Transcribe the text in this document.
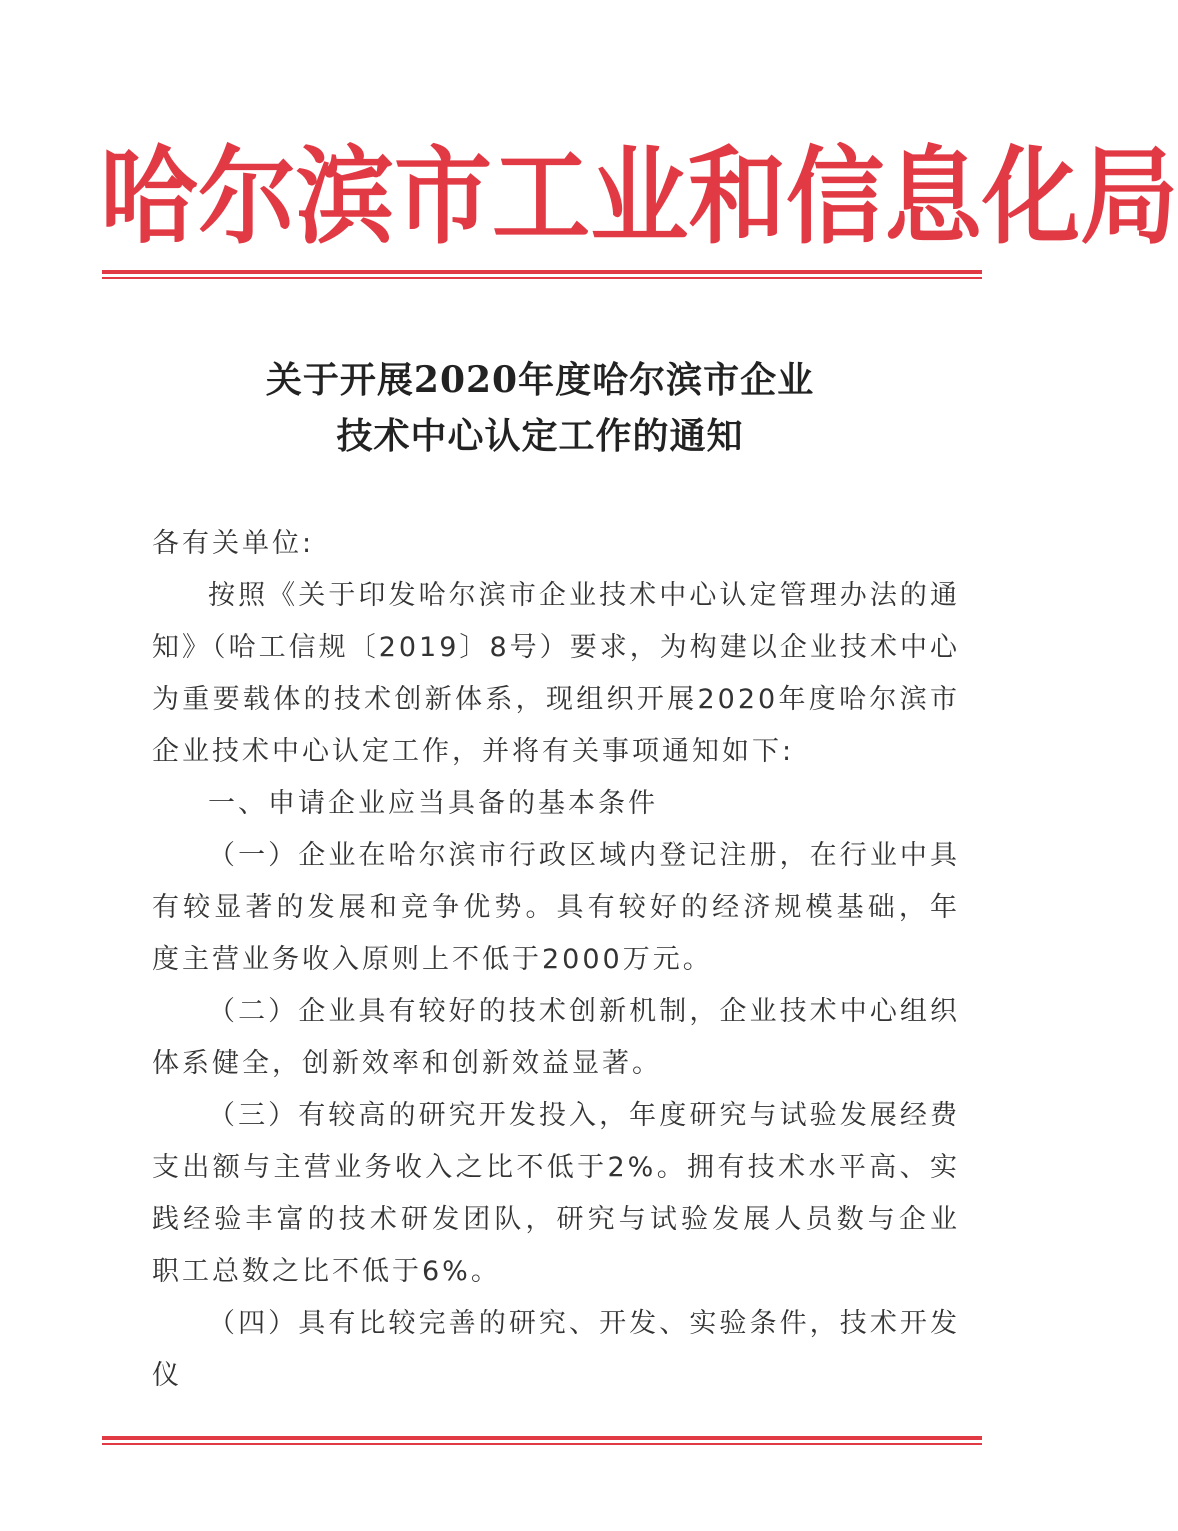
哈 尔 滨 市 工 业 和 信 息 化 局
关于开展2020年度哈尔滨市企业
技术中心认定工作的通知
各有关单位:

按照《关于印发哈尔滨市企业技术中心认定管理办法的通知》（哈工信规〔2019〕8号）要求，为构建以企业技术中心为重要载体的技术创新体系，现组织开展2020年度哈尔滨市企业技术中心认定工作，并将有关事项通知如下:

一、申请企业应当具备的基本条件

（一）企业在哈尔滨市行政区域内登记注册，在行业中具有较显著的发展和竞争优势。具有较好的经济规模基础，年度主营业务收入原则上不低于2000万元。

（二）企业具有较好的技术创新机制，企业技术中心组织体系健全，创新效率和创新效益显著。

（三）有较高的研究开发投入，年度研究与试验发展经费支出额与主营业务收入之比不低于2%。拥有技术水平高、实践经验丰富的技术研发团队，研究与试验发展人员数与企业职工总数之比不低于6%。

（四）具有比较完善的研究、开发、实验条件，技术开发仪
